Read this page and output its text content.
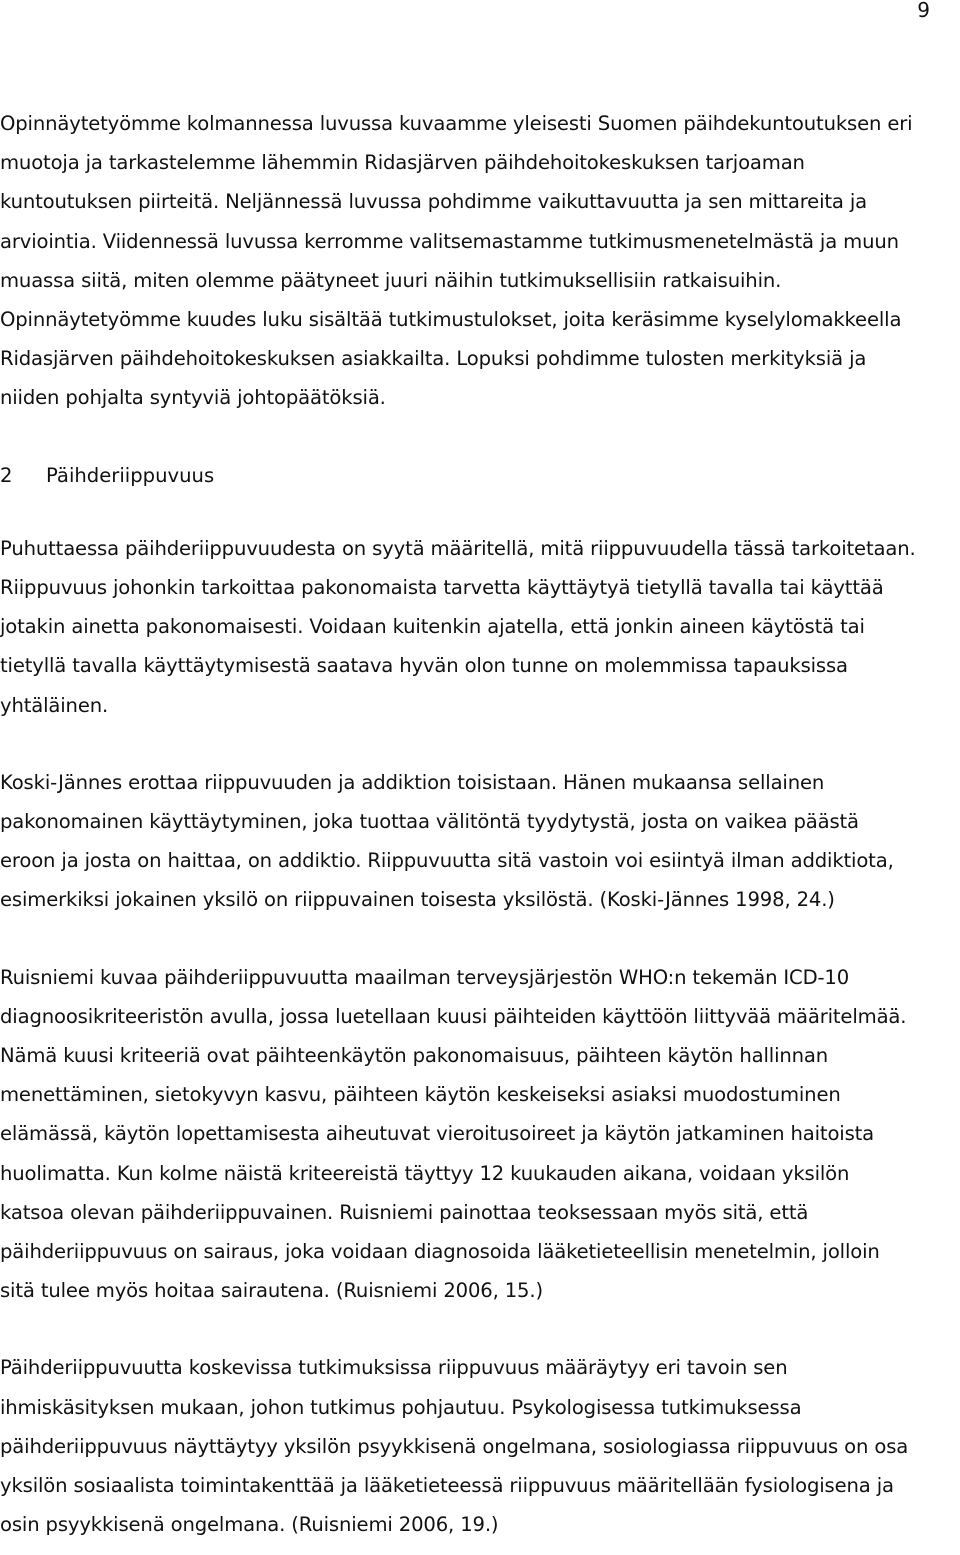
9

Opinnäytetyömme kolmannessa luvussa kuvaamme yleisesti Suomen päihdekuntoutuksen eri
muotoja ja tarkastelemme lähemmin Ridasjärven päihdehoitokeskuksen tarjoaman
kuntoutuksen piirteitä. Neljännessä luvussa pohdimme vaikuttavuutta ja sen mittareita ja
arviointia. Viidennessä luvussa kerromme valitsemastamme tutkimusmenetelmästä ja muun
muassa siitä, miten olemme päätyneet juuri näihin tutkimuksellisiin ratkaisuihin.
Opinnäytetyömme kuudes luku sisältää tutkimustulokset, joita keräsimme kyselylomakkeella
Ridasjärven päihdehoitokeskuksen asiakkailta. Lopuksi pohdimme tulosten merkityksiä ja
niiden pohjalta syntyviä johtopäätöksiä.

2 Päihderiippuvuus

Puhuttaessa päihderiippuvuudesta on syytä määritellä, mitä riippuvuudella tässä tarkoitetaan.
Riippuvuus johonkin tarkoittaa pakonomaista tarvetta käyttäytyä tietyllä tavalla tai käyttää
jotakin ainetta pakonomaisesti. Voidaan kuitenkin ajatella, että jonkin aineen käytöstä tai
tietyllä tavalla käyttäytymisestä saatava hyvän olon tunne on molemmissa tapauksissa
yhtäläinen.

Koski-Jännes erottaa riippuvuuden ja addiktion toisistaan. Hänen mukaansa sellainen
pakonomainen käyttäytyminen, joka tuottaa välitöntä tyydytystä, josta on vaikea päästä
eroon ja josta on haittaa, on addiktio. Riippuvuutta sitä vastoin voi esiintyä ilman addiktiota,
esimerkiksi jokainen yksilö on riippuvainen toisesta yksilöstä. (Koski-Jännes 1998, 24.)

Ruisniemi kuvaa päihderiippuvuutta maailman terveysjärjestön WHO:n tekemän ICD-10
diagnoosikriteeristön avulla, jossa luetellaan kuusi päihteiden käyttöön liittyvää määritelmää.
Nämä kuusi kriteeriä ovat päihteenkäytön pakonomaisuus, päihteen käytön hallinnan
menettäminen, sietokyvyn kasvu, päihteen käytön keskeiseksi asiaksi muodostuminen
elämässä, käytön lopettamisesta aiheutuvat vieroitusoireet ja käytön jatkaminen haitoista
huolimatta. Kun kolme näistä kriteereistä täyttyy 12 kuukauden aikana, voidaan yksilön
katsoa olevan päihderiippuvainen. Ruisniemi painottaa teoksessaan myös sitä, että
päihderiippuvuus on sairaus, joka voidaan diagnosoida lääketieteellisin menetelmin, jolloin
sitä tulee myös hoitaa sairautena. (Ruisniemi 2006, 15.)

Päihderiippuvuutta koskevissa tutkimuksissa riippuvuus määräytyy eri tavoin sen
ihmiskäsityksen mukaan, johon tutkimus pohjautuu. Psykologisessa tutkimuksessa
päihderiippuvuus näyttäytyy yksilön psyykkisenä ongelmana, sosiologiassa riippuvuus on osa
yksilön sosiaalista toimintakenttää ja lääketieteessä riippuvuus määritellään fysiologisena ja
osin psyykkisenä ongelmana. (Ruisniemi 2006, 19.)
